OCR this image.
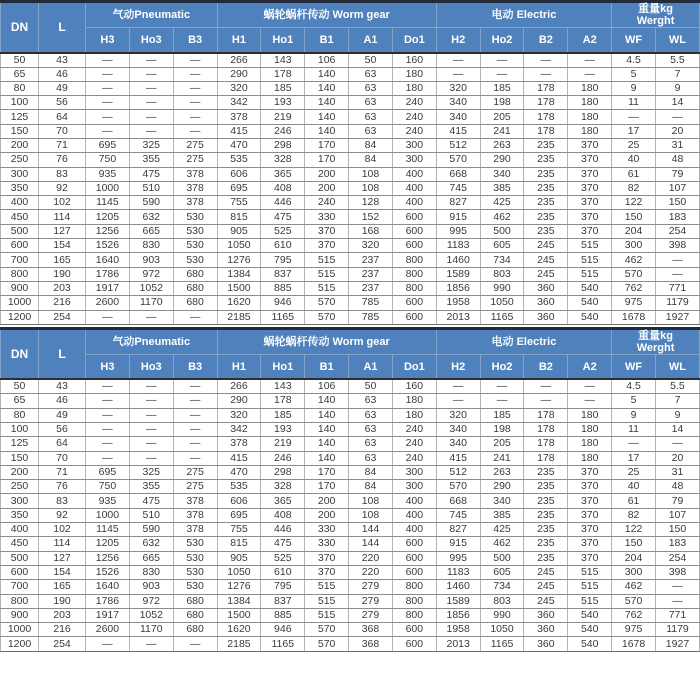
DN	L	气动Pneumatic			蜗轮蜗杆传动 Worm gear					电动 Electric				重量kg
Werght	

		H3	Ho3	B3	H1	Ho1	B1	A1	Do1	H2	Ho2	B2	A2	WF	WL
50	43	—	—	—	266	143	106	50	160	—	—	—	—	4.5	5.5
65	46	—	—	—	290	178	140	63	180	—	—	—	—	5	7
80	49	—	—	—	320	185	140	63	180	320	185	178	180	9	9
100	56	—	—	—	342	193	140	63	240	340	198	178	180	11	14
125	64	—	—	—	378	219	140	63	240	340	205	178	180	—	—
150	70	—	—	—	415	246	140	63	240	415	241	178	180	17	20
200	71	695	325	275	470	298	170	84	300	512	263	235	370	25	31
250	76	750	355	275	535	328	170	84	300	570	290	235	370	40	48
300	83	935	475	378	606	365	200	108	400	668	340	235	370	61	79
350	92	1000	510	378	695	408	200	108	400	745	385	235	370	82	107
400	102	1145	590	378	755	446	240	128	400	827	425	235	370	122	150
450	114	1205	632	530	815	475	330	152	600	915	462	235	370	150	183
500	127	1256	665	530	905	525	370	168	600	995	500	235	370	204	254
600	154	1526	830	530	1050	610	370	320	600	1183	605	245	515	300	398
700	165	1640	903	530	1276	795	515	237	800	1460	734	245	515	462	—
800	190	1786	972	680	1384	837	515	237	800	1589	803	245	515	570	—
900	203	1917	1052	680	1500	885	515	237	800	1856	990	360	540	762	771
1000	216	2600	1170	680	1620	946	570	785	600	1958	1050	360	540	975	1179
1200	254	—	—	—	2185	1165	570	785	600	2013	1165	360	540	1678	1927
DN	L	气动Pneumatic			蜗轮蜗杆传动 Worm gear					电动 Electric				重量kg
Werght	

		H3	Ho3	B3	H1	Ho1	B1	A1	Do1	H2	Ho2	B2	A2	WF	WL
50	43	—	—	—	266	143	106	50	160	—	—	—	—	4.5	5.5
65	46	—	—	—	290	178	140	63	180	—	—	—	—	5	7
80	49	—	—	—	320	185	140	63	180	320	185	178	180	9	9
100	56	—	—	—	342	193	140	63	240	340	198	178	180	11	14
125	64	—	—	—	378	219	140	63	240	340	205	178	180	—	—
150	70	—	—	—	415	246	140	63	240	415	241	178	180	17	20
200	71	695	325	275	470	298	170	84	300	512	263	235	370	25	31
250	76	750	355	275	535	328	170	84	300	570	290	235	370	40	48
300	83	935	475	378	606	365	200	108	400	668	340	235	370	61	79
350	92	1000	510	378	695	408	200	108	400	745	385	235	370	82	107
400	102	1145	590	378	755	446	330	144	400	827	425	235	370	122	150
450	114	1205	632	530	815	475	330	144	600	915	462	235	370	150	183
500	127	1256	665	530	905	525	370	220	600	995	500	235	370	204	254
600	154	1526	830	530	1050	610	370	220	600	1183	605	245	515	300	398
700	165	1640	903	530	1276	795	515	279	800	1460	734	245	515	462	—
800	190	1786	972	680	1384	837	515	279	800	1589	803	245	515	570	—
900	203	1917	1052	680	1500	885	515	279	800	1856	990	360	540	762	771
1000	216	2600	1170	680	1620	946	570	368	600	1958	1050	360	540	975	1179
1200	254	—	—	—	2185	1165	570	368	600	2013	1165	360	540	1678	1927
